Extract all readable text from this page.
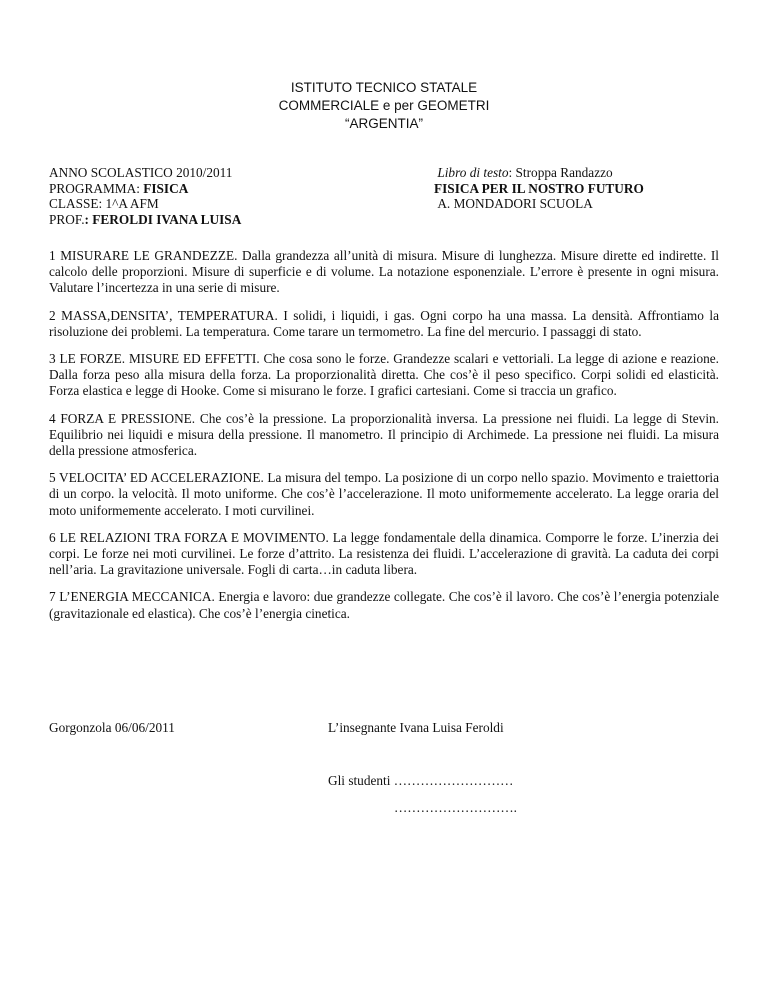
ISTITUTO TECNICO STATALE
COMMERCIALE e per GEOMETRI
“ARGENTIA”
ANNO SCOLASTICO 2010/2011
PROGRAMMA: FISICA
CLASSE: 1^A AFM
PROF.: FEROLDI IVANA LUISA
Libro di testo: Stroppa Randazzo
FISICA PER IL NOSTRO FUTURO
A. MONDADORI SCUOLA

1 MISURARE LE GRANDEZZE. Dalla grandezza all’unità di misura. Misure di lunghezza. Misure dirette ed indirette. Il calcolo delle proporzioni. Misure di superficie e di volume. La notazione esponenziale. L’errore è presente in ogni misura. Valutare l’incertezza in una serie di misure.

2 MASSA,DENSITA’, TEMPERATURA. I solidi, i liquidi, i gas. Ogni corpo ha una massa. La densità. Affrontiamo la risoluzione dei problemi. La temperatura. Come tarare un termometro. La fine del mercurio. I passaggi di stato.

3 LE FORZE. MISURE ED EFFETTI. Che cosa sono le forze. Grandezze scalari e vettoriali. La legge di azione e reazione. Dalla forza peso alla misura della forza. La proporzionalità diretta. Che cos’è il peso specifico. Corpi solidi ed elasticità. Forza elastica e legge di Hooke. Come si misurano le forze. I grafici cartesiani. Come si traccia un grafico.

4 FORZA E PRESSIONE. Che cos’è la pressione. La proporzionalità inversa. La pressione nei fluidi. La legge di Stevin. Equilibrio nei liquidi e misura della pressione. Il manometro. Il principio di Archimede. La pressione nei fluidi. La misura della pressione atmosferica.

5 VELOCITA’ ED ACCELERAZIONE. La misura del tempo. La posizione di un corpo nello spazio. Movimento e traiettoria di un corpo. la velocità. Il moto uniforme. Che cos’è l’accelerazione. Il moto uniformemente accelerato. La legge oraria del moto uniformemente accelerato. I moti curvilinei.

6 LE RELAZIONI TRA FORZA E MOVIMENTO. La legge fondamentale della dinamica. Comporre le forze. L’inerzia dei corpi. Le forze nei moti curvilinei. Le forze d’attrito. La resistenza dei fluidi. L’accelerazione di gravità. La caduta dei corpi nell’aria. La gravitazione universale. Fogli di carta…in caduta libera.

7 L’ENERGIA MECCANICA. Energia e lavoro: due grandezze collegate. Che cos’è il lavoro. Che cos’è l’energia potenziale (gravitazionale ed elastica). Che cos’è l’energia cinetica.

Gorgonzola 06/06/2011	L’insegnante Ivana Luisa Feroldi
Gli studenti ………………………
……………………….
